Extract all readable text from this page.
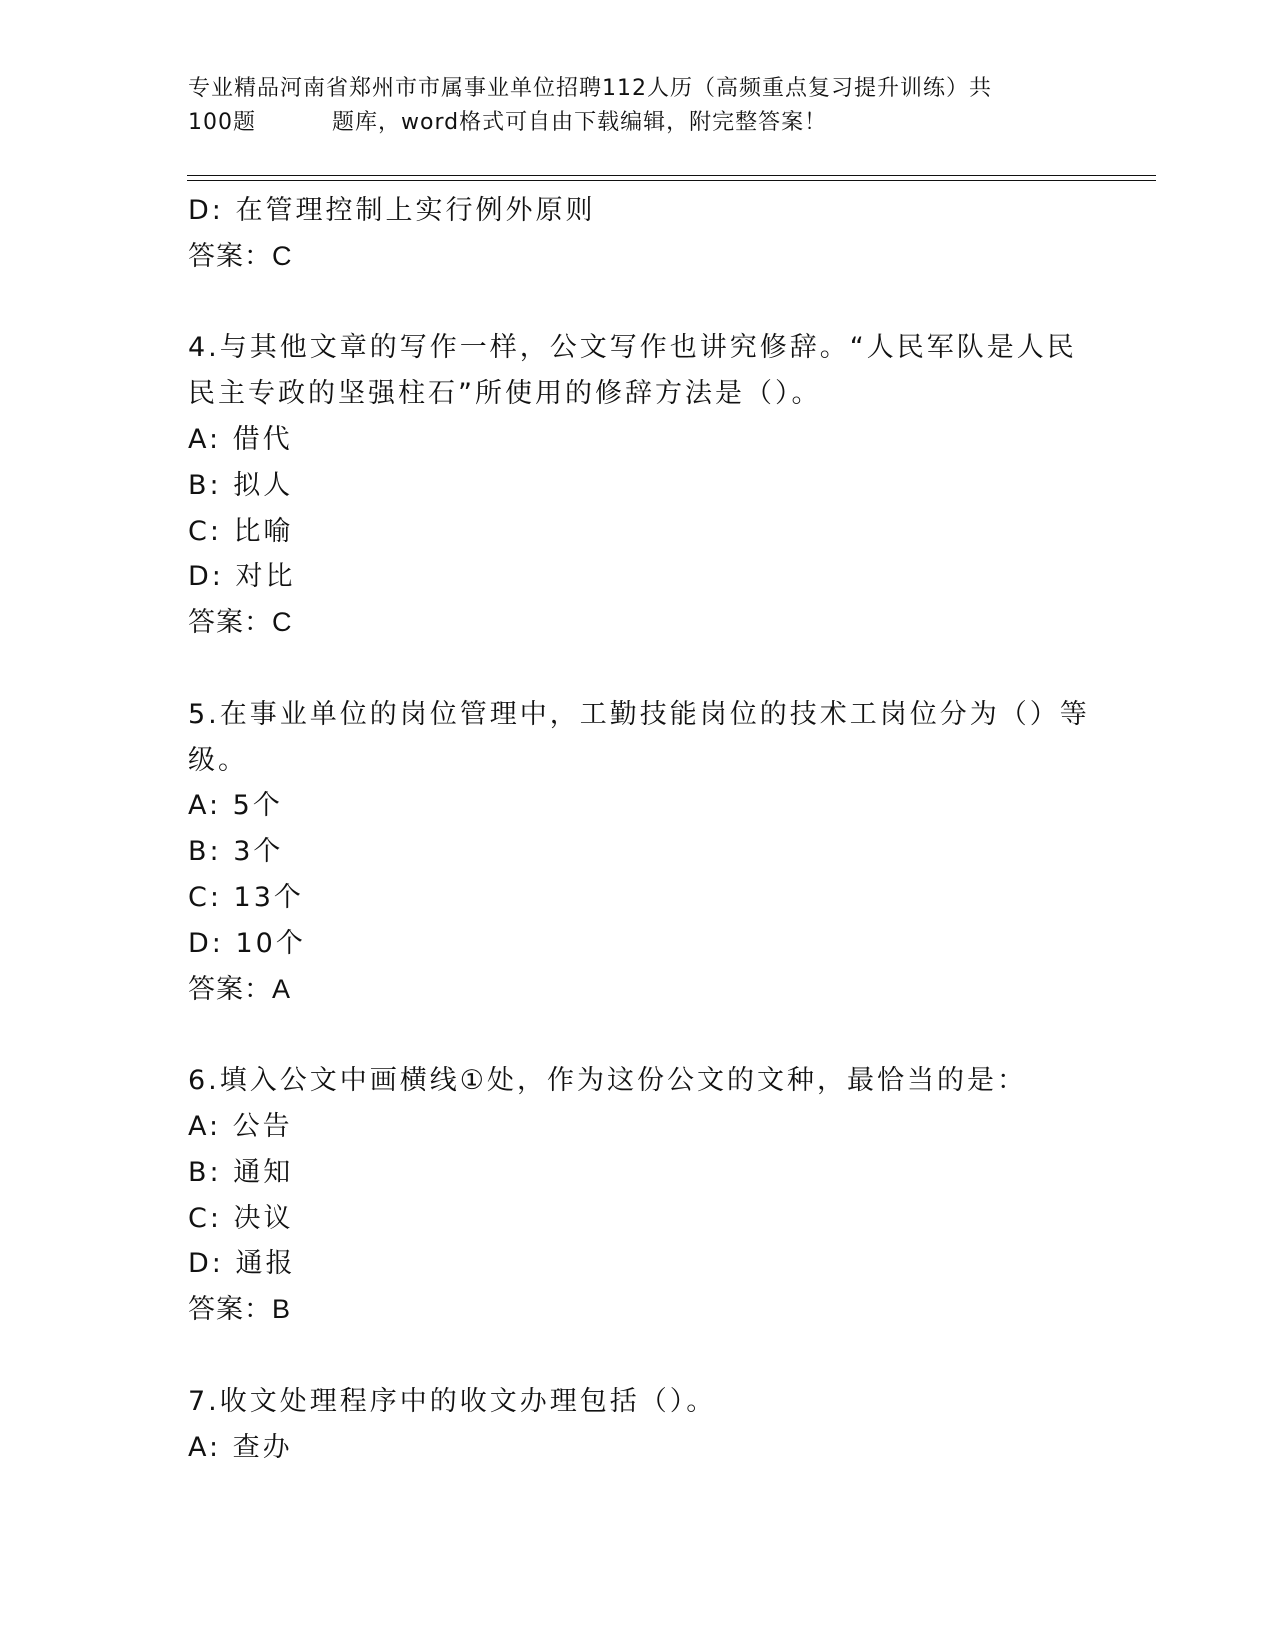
专业精品河南省郑州市市属事业单位招聘112人历（高频重点复习提升训练）共
100题	题库，word格式可自由下载编辑，附完整答案！
D: 在管理控制上实行例外原则
答案：C
4.与其他文章的写作一样，公文写作也讲究修辞。“人民军队是人民
民主专政的坚强柱石”所使用的修辞方法是（）。
A: 借代
B: 拟人
C: 比喻
D: 对比
答案：C
5.在事业单位的岗位管理中，工勤技能岗位的技术工岗位分为（）等
级。
A: 5个
B: 3个
C: 13个
D: 10个
答案：A
6.填入公文中画横线①处，作为这份公文的文种，最恰当的是：
A: 公告
B: 通知
C: 决议
D: 通报
答案：B
7.收文处理程序中的收文办理包括（）。
A: 查办
